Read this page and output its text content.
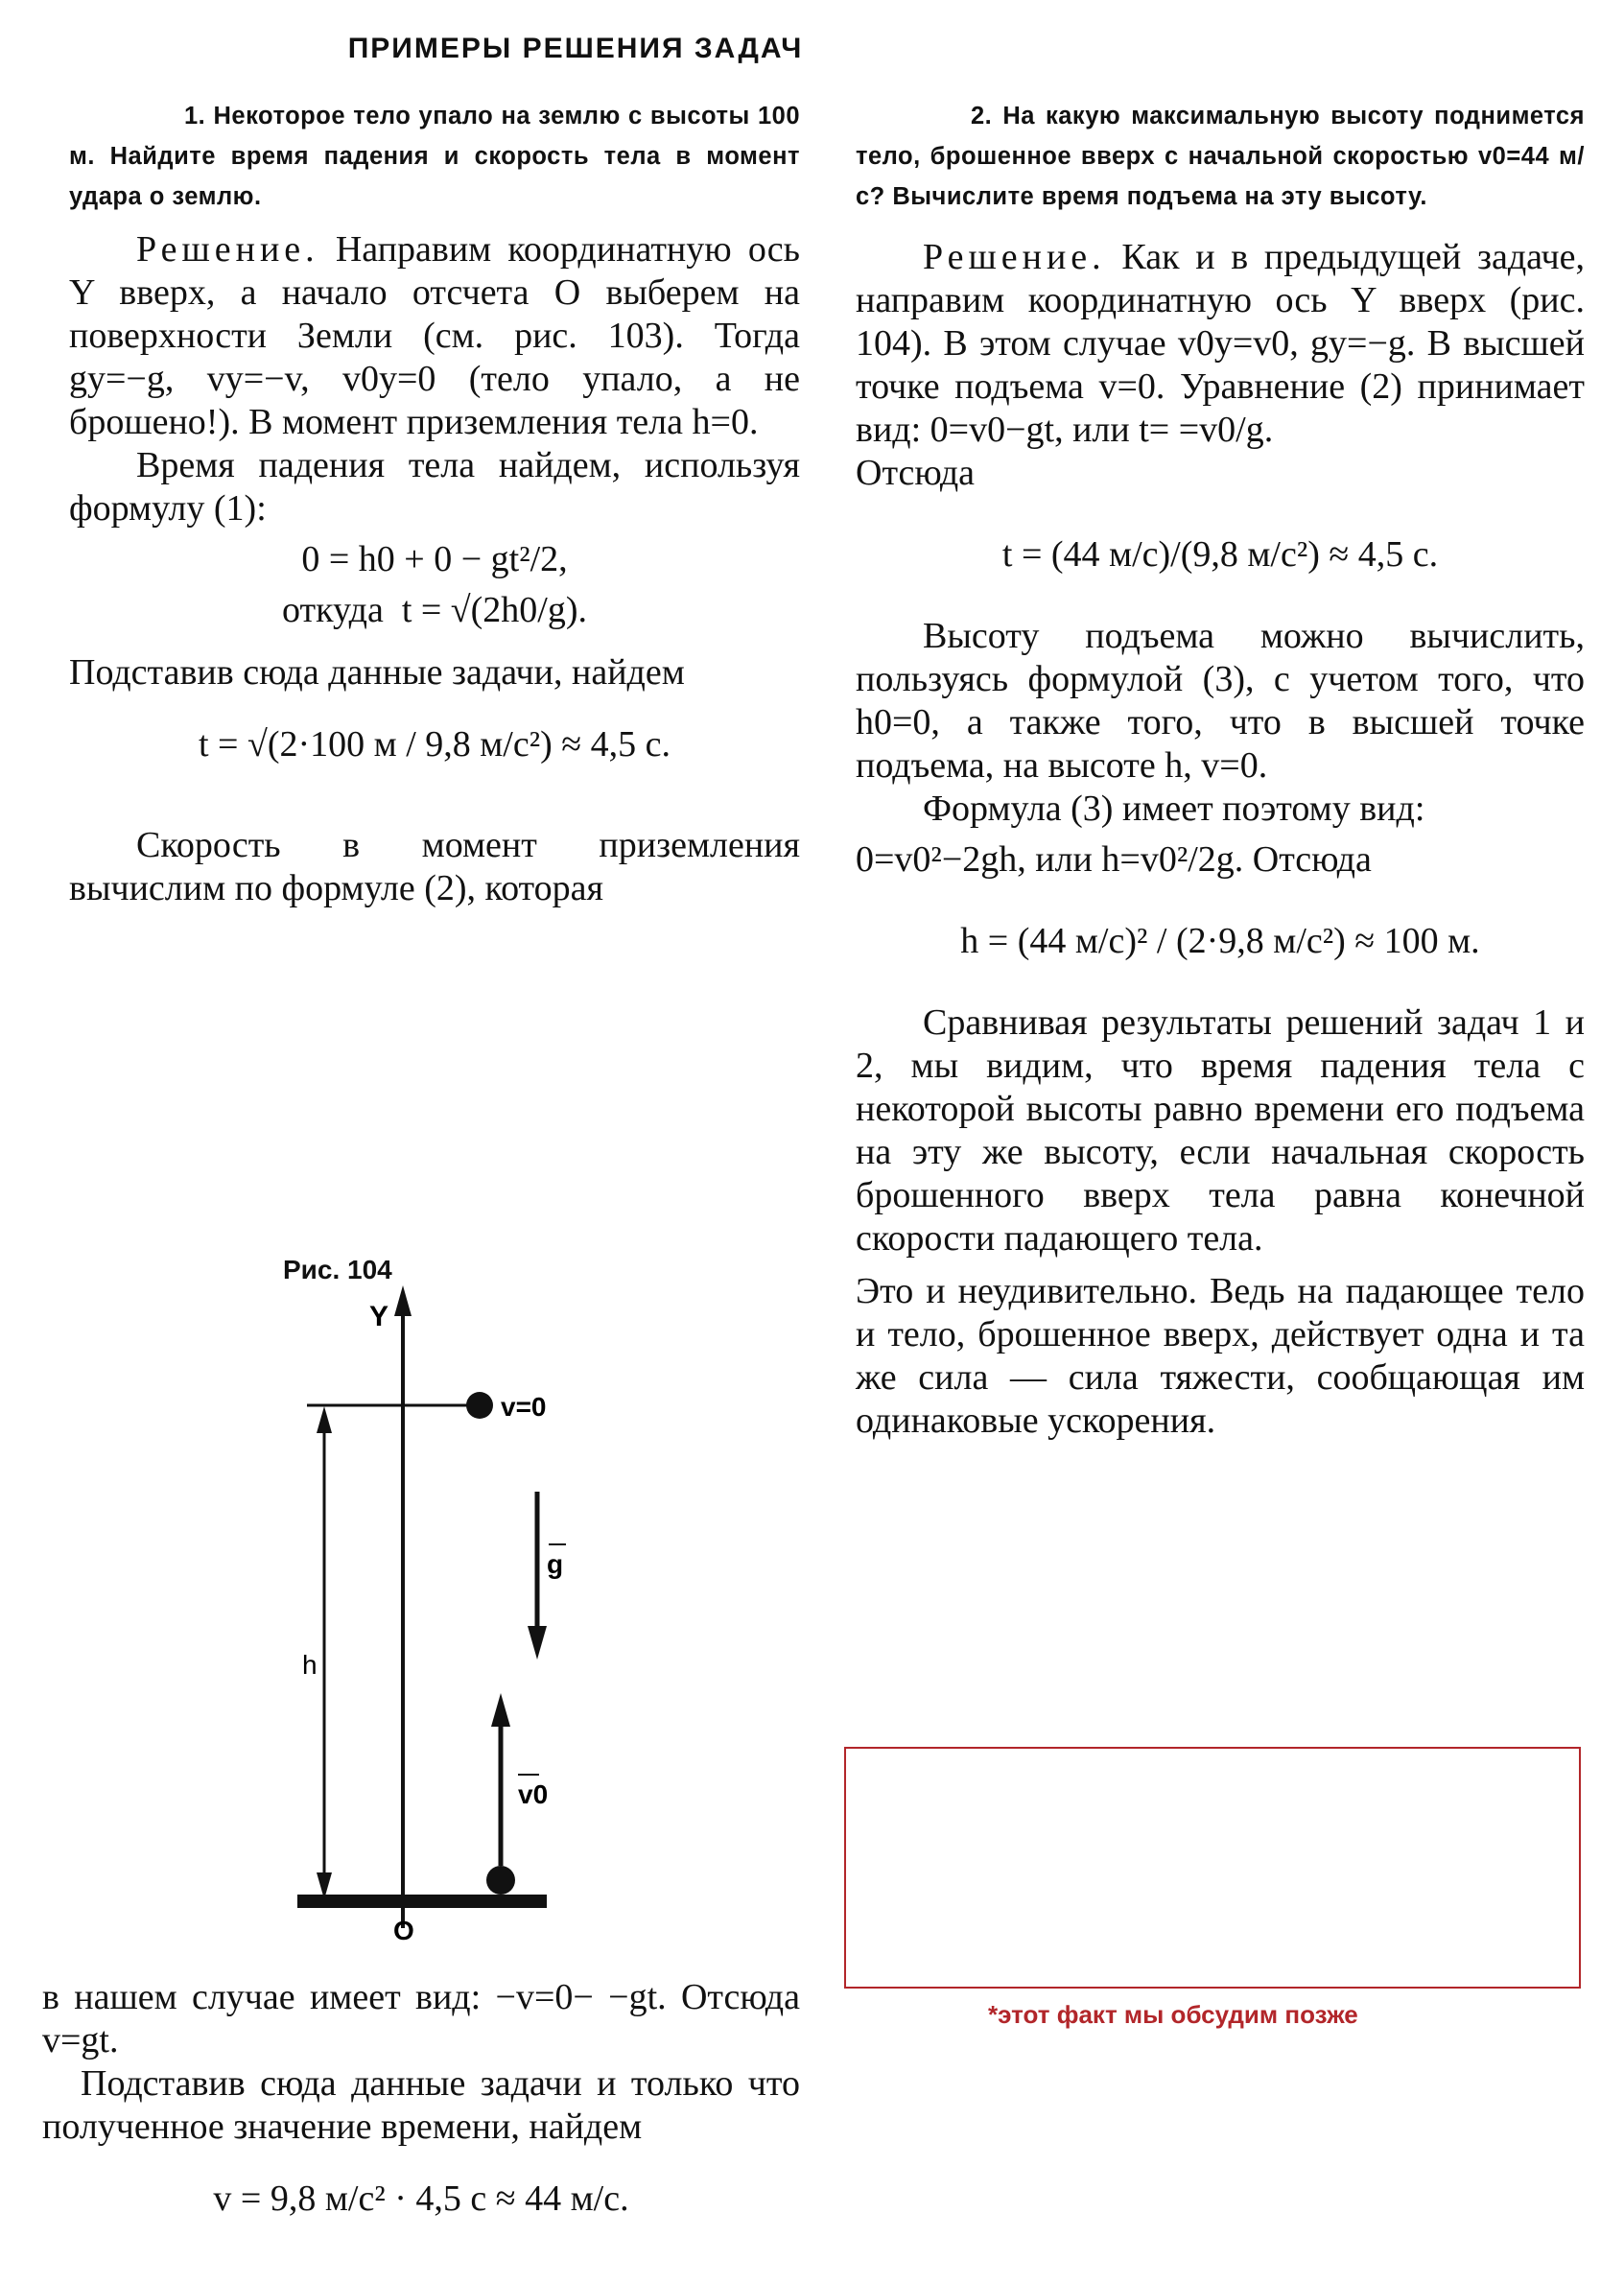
ПРИМЕРЫ РЕШЕНИЯ ЗАДАЧ

1. Некоторое тело упало на землю с высоты 100 м. Найдите время падения и скорость тела в момент удара о землю.

Решение. Направим координатную ось Y вверх, а начало отсчета O выберем на поверхности Земли (см. рис. 103). Тогда gy=−g, vy=−v, v0y=0 (тело упало, а не брошено!). В момент приземления тела h=0.

Время падения тела найдем, используя формулу (1):

0 = h0 + 0 − gt²/2,
откуда t = √(2h0/g).

Подставив сюда данные задачи, найдем

t = √(2·100 м / 9,8 м/с²) ≈ 4,5 с.

Скорость в момент приземления вычислим по формуле (2), которая

Рис. 104
Y
v=0
h
g
v0
O

в нашем случае имеет вид: −v=0− −gt. Отсюда v=gt.

Подставив сюда данные задачи и только что полученное значение времени, найдем

v = 9,8 м/с² · 4,5 с ≈ 44 м/с.

2. На какую максимальную высоту поднимется тело, брошенное вверх с начальной скоростью v0=44 м/с? Вычислите время подъема на эту высоту.

Решение. Как и в предыдущей задаче, направим координатную ось Y вверх (рис. 104). В этом случае v0y=v0, gy=−g. В высшей точке подъема v=0. Уравнение (2) принимает вид: 0=v0−gt, или t= =v0/g.

Отсюда

t = (44 м/с)/(9,8 м/с²) ≈ 4,5 с.

Высоту подъема можно вычислить, пользуясь формулой (3), с учетом того, что h0=0, а также того, что в высшей точке подъема, на высоте h, v=0.

Формула (3) имеет поэтому вид:

0=v0²−2gh, или h=v0²/2g. Отсюда
h = (44 м/с)² / (2·9,8 м/с²) ≈ 100 м.

Сравнивая результаты решений задач 1 и 2, мы видим, что время падения тела с некоторой высоты равно времени его подъема на эту же высоту, если начальная скорость брошенного вверх тела равна конечной скорости падающего тела.

Это и неудивительно. Ведь на падающее тело и тело, брошенное вверх, действует одна и та же сила — сила тяжести, сообщающая им одинаковые ускорения.

*этот факт мы обсудим позже
